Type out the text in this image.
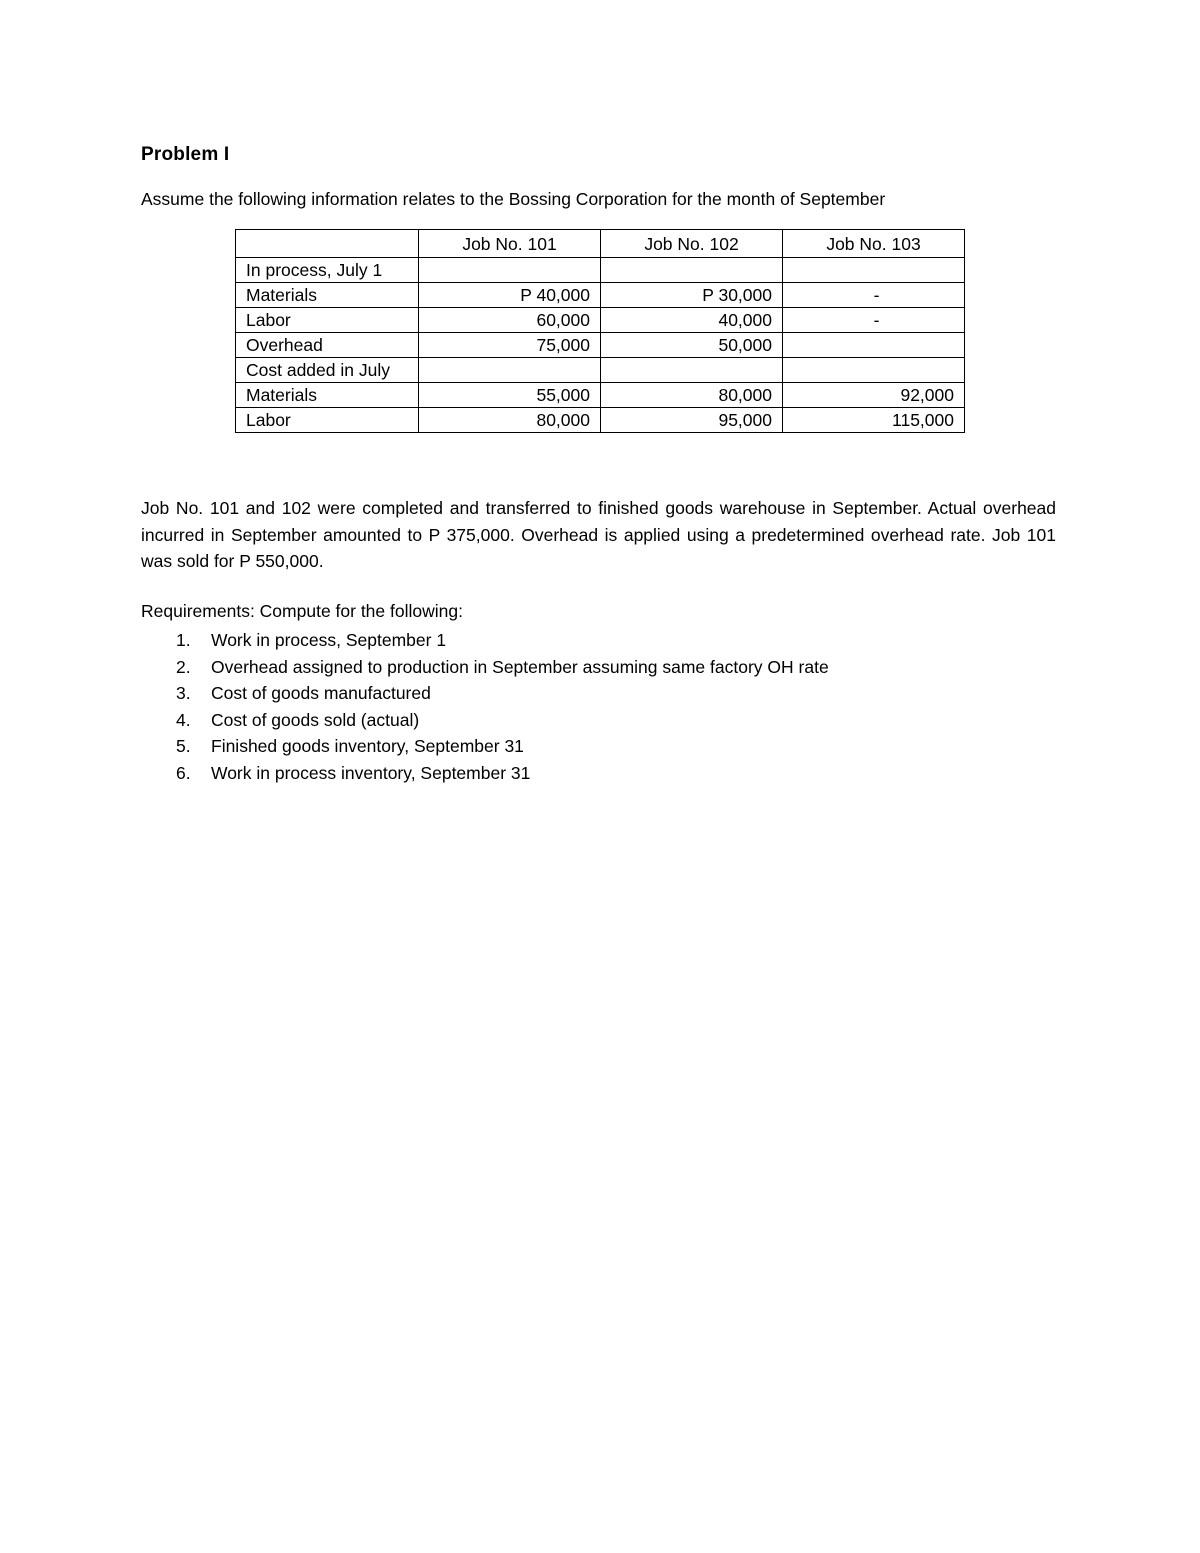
Problem I

Assume the following information relates to the Bossing Corporation for the month of September

	Job No. 101	Job No. 102	Job No. 103
In process, July 1			
Materials	P 40,000	P 30,000	-
Labor	60,000	40,000	-
Overhead	75,000	50,000	
Cost added in July			
Materials	55,000	80,000	92,000
Labor	80,000	95,000	115,000

Job No. 101 and 102 were completed and transferred to finished goods warehouse in September. Actual overhead incurred in September amounted to P 375,000. Overhead is applied using a predetermined overhead rate. Job 101 was sold for P 550,000.

Requirements: Compute for the following:

1. Work in process, September 1
2. Overhead assigned to production in September assuming same factory OH rate
3. Cost of goods manufactured
4. Cost of goods sold (actual)
5. Finished goods inventory, September 31
6. Work in process inventory, September 31
